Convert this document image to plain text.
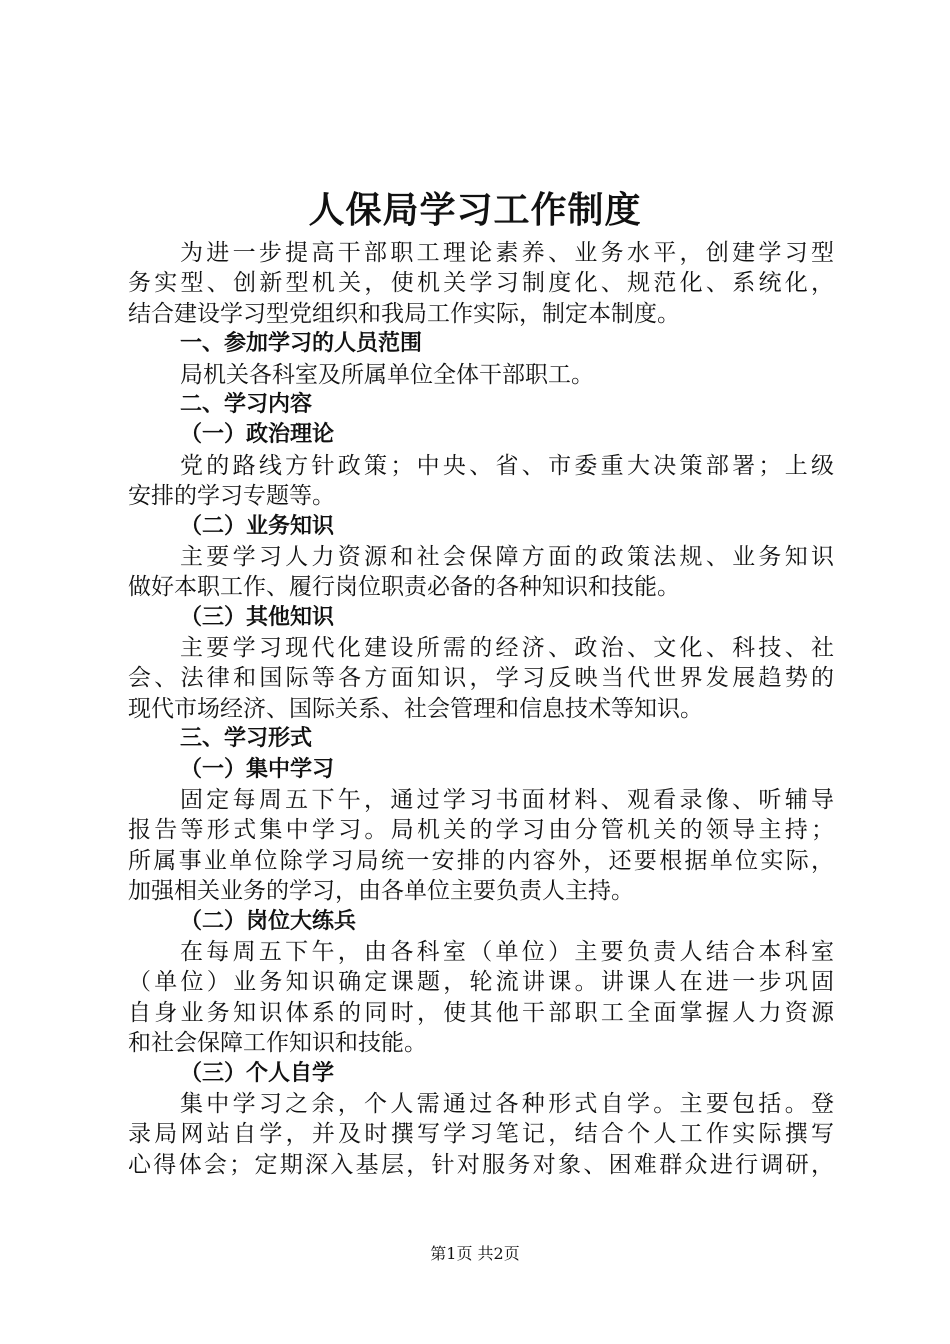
人保局学习工作制度
为进一步提高干部职工理论素养、业务水平，创建学习型
务实型、创新型机关，使机关学习制度化、规范化、系统化，
结合建设学习型党组织和我局工作实际，制定本制度。
一、参加学习的人员范围
局机关各科室及所属单位全体干部职工。
二、学习内容
（一）政治理论
党的路线方针政策；中央、省、市委重大决策部署；上级
安排的学习专题等。
（二）业务知识
主要学习人力资源和社会保障方面的政策法规、业务知识
做好本职工作、履行岗位职责必备的各种知识和技能。
（三）其他知识
主要学习现代化建设所需的经济、政治、文化、科技、社
会、法律和国际等各方面知识，学习反映当代世界发展趋势的
现代市场经济、国际关系、社会管理和信息技术等知识。
三、学习形式
（一）集中学习
固定每周五下午，通过学习书面材料、观看录像、听辅导
报告等形式集中学习。局机关的学习由分管机关的领导主持；
所属事业单位除学习局统一安排的内容外，还要根据单位实际，
加强相关业务的学习，由各单位主要负责人主持。
（二）岗位大练兵
在每周五下午，由各科室（单位）主要负责人结合本科室
（单位）业务知识确定课题，轮流讲课。讲课人在进一步巩固
自身业务知识体系的同时，使其他干部职工全面掌握人力资源
和社会保障工作知识和技能。
（三）个人自学
集中学习之余，个人需通过各种形式自学。主要包括。登
录局网站自学，并及时撰写学习笔记，结合个人工作实际撰写
心得体会；定期深入基层，针对服务对象、困难群众进行调研，
第1页 共2页
